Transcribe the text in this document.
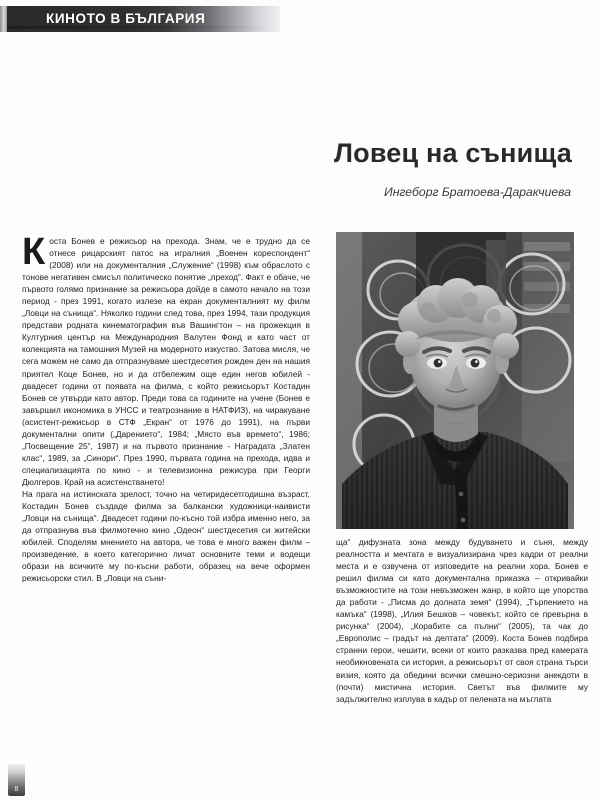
КИНОТО В БЪЛГАРИЯ
Ловец на сънища
Ингеборг Братоева-Даракчиева

Коста Бонев е режисьор на прехода. Знам, че е трудно да се отнесе рицарският патос на игралния „Военен кореспондент“ (2008) или на документалния „Служение“ (1998) към обраслото с тонове негативен смисъл политическо понятие „преход“. Факт е обаче, че първото голямо признание за режисьора дойде в самото начало на този период - през 1991, когато излезе на екран документалният му филм „Ловци на сънища“. Няколко години след това, през 1994, тази продукция представи родната кинематография във Вашингтон – на прожекция в Културния център на Международния Валутен Фонд и като част от колекцията на тамошния Музей на модерното изкуство. Затова мисля, че сега можем не само да отпразнуваме шестдесетия рожден ден на нашия приятел Коце Бонев, но и да отбележим още един негов юбилей - двадесет години от появата на филма, с който режисьорът Костадин Бонев се утвърди като автор. Преди това са годините на учене (Бонев е завършил икономика в УНСС и театрознание в НАТФИЗ), на чиракуване (асистент-режисьор в СТФ „Екран“ от 1976 до 1991), на първи документални опити („Дарението“, 1984; „Място във времето“, 1986; „Посвещение 25“, 1987) и на първото признание - Наградата „Златен клас“, 1989, за „Синори“. През 1990, първата година на прехода, идва и специализацията по кино - и телевизионна режисура при Георги Дюлгеров. Край на асистенстването!

На прага на истинската зрелост, точно на четиридесетгодишна възраст, Костадин Бонев създаде филма за балкански художници-наивисти „Ловци на сънища“. Двадесет години по-късно той избра именно него, за да отпразнува във филмотечно кино „Одеон“ шестдесетия си житейски юбилей. Споделям мнението на автора, че това е много важен филм – произведение, в което категорично личат основните теми и водещи образи на всичките му по-късни работи, образец на вече оформен режисьорски стил. В „Ловци на съни-

ща“ дифузната зона между будуването и съня, между реалността и мечтата е визуализирана чрез кадри от реални места и е озвучена от изповедите на реални хора. Бонев е решил филма си като документална приказка – откривайки възможностите на този невъзможен жанр, в който ще упорства да работи - „Писма до долната земя“ (1994), „Търпението на камъка“ (1998), „Илия Бешков – човекът, който се превърна в рисунка“ (2004), „Корабите са пълни“ (2005), та чак до „Европолис – градът на делтата“ (2009). Коста Бонев подбира странни герои, чешити, всеки от които разказва пред камерата необикновената си история, а режисьорът от своя страна търси визия, която да обедини всички смешно-сериозни анекдоти в (почти) мистична история. Светът във филмите му задължително изплува в кадър от пелената на мъглата

8
